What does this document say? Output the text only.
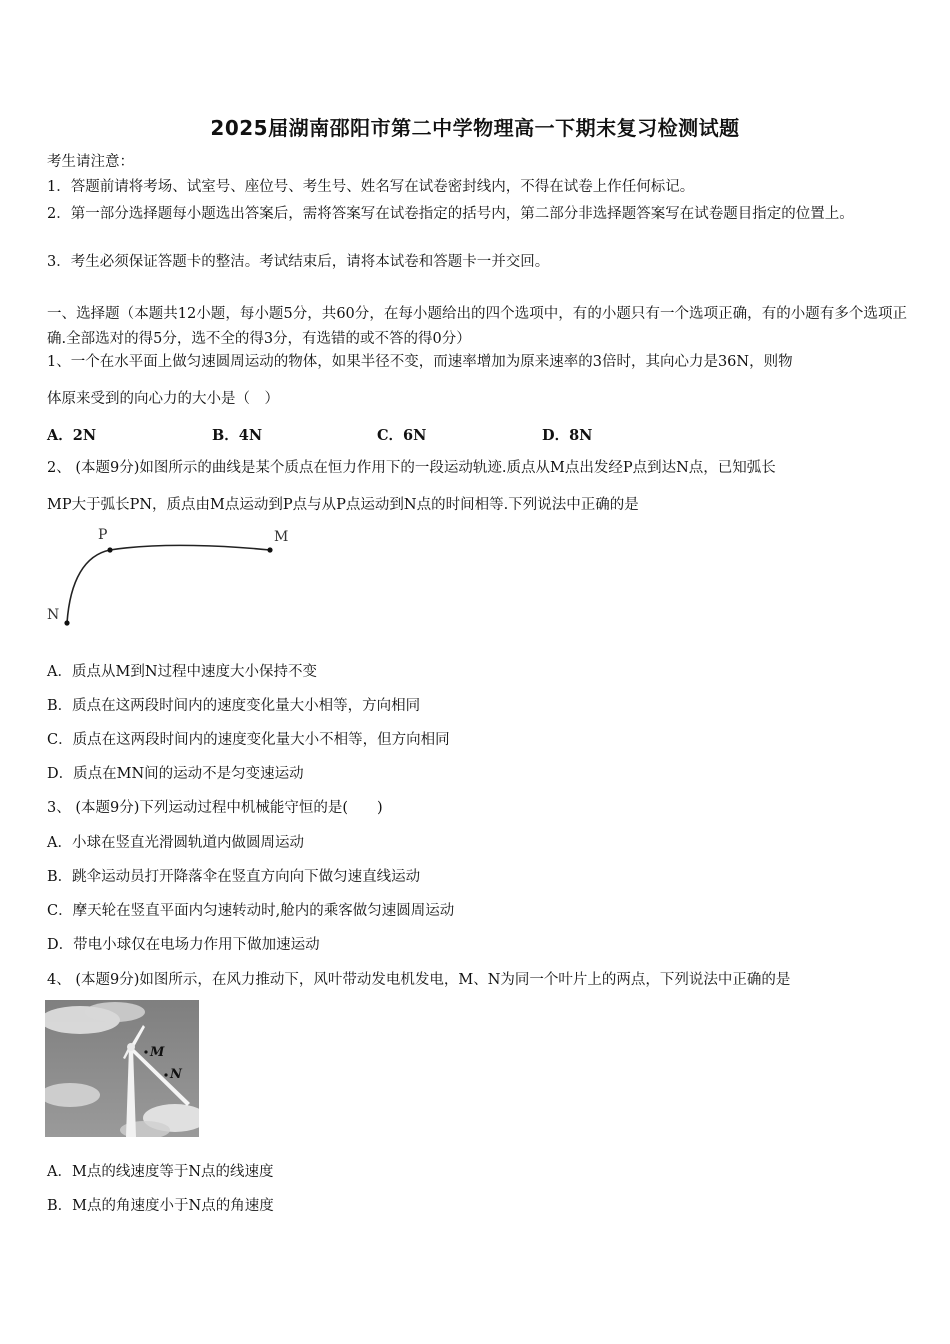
2025届湖南邵阳市第二中学物理高一下期末复习检测试题
考生请注意：
1．答题前请将考场、试室号、座位号、考生号、姓名写在试卷密封线内，不得在试卷上作任何标记。
2．第一部分选择题每小题选出答案后，需将答案写在试卷指定的括号内，第二部分非选择题答案写在试卷题目指定的位置上。
3．考生必须保证答题卡的整洁。考试结束后，请将本试卷和答题卡一并交回。
一、选择题（本题共12小题，每小题5分，共60分，在每小题给出的四个选项中，有的小题只有一个选项正确，有的小题有多个选项正确.全部选对的得5分，选不全的得3分，有选错的或不答的得0分）
1、一个在水平面上做匀速圆周运动的物体，如果半径不变，而速率增加为原来速率的3倍时，其向心力是36N，则物
体原来受到的向心力的大小是（　）
A．2N	B．4N	C．6N	D．8N
2、 (本题9分)如图所示的曲线是某个质点在恒力作用下的一段运动轨迹.质点从M点出发经P点到达N点，已知弧长
MP大于弧长PN，质点由M点运动到P点与从P点运动到N点的时间相等.下列说法中正确的是
P	M
N
A．质点从M到N过程中速度大小保持不变
B．质点在这两段时间内的速度变化量大小相等，方向相同
C．质点在这两段时间内的速度变化量大小不相等，但方向相同
D．质点在MN间的运动不是匀变速运动
3、 (本题9分)下列运动过程中机械能守恒的是(　　)
A．小球在竖直光滑圆轨道内做圆周运动
B．跳伞运动员打开降落伞在竖直方向向下做匀速直线运动
C．摩天轮在竖直平面内匀速转动时,舱内的乘客做匀速圆周运动
D．带电小球仅在电场力作用下做加速运动
4、 (本题9分)如图所示，在风力推动下，风叶带动发电机发电，M、N为同一个叶片上的两点，下列说法中正确的是
M
N
A．M点的线速度等于N点的线速度
B．M点的角速度小于N点的角速度
